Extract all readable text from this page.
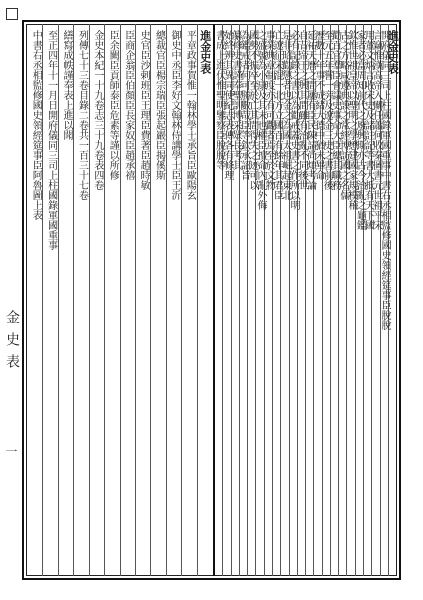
金史表
一
進金史表
開府儀同三司上柱國錄軍國重事中書右丞相監修國史領經筵事臣脫脫
言竊惟漢高帝入關任蕭何收秦圖書元世祖平宋
用董文炳言收宋史及諸註記等書大抵有天下國
家者必當周知前代之廢興斯亦古今治亂之龜鑑
欽惟世祖皇帝以聖明之學懋建國家規模稽
古之方略咸遵典謨之常經博訪國之名儒
勸百官羣臣會議史事命大臣總其職務
至元五年嘗一旁及遼金三史之書前後
歷數十年事不成緒大德中猶未畢命
延祐天曆之間屢有臣民陳請尚煩考論
自昔帝王之興其間雖有治亂不同後世
必有記錄之書以為勸戒蓋史書之作所以明
是非昭勸懲者也金之為國太祖崛起東北
亡遼征宋混一北方立國百有餘年其君臣
事業典章制度亦有可觀者焉至於文物
之盛號為小康及其末也權臣擅命內亂外侮
國勢不振卒至於亡其間得失之迹可以
為鑑戒者何可勝數哉臣等欽承詔旨
纂修史書謹奉聖訓博采眾長考其
始終辨其異同使紀志表傳各有條理
書成上進伏惟聖明鑒察臣脫脫等
進金史表
平章政事賀惟一翰林學士承旨臣歐陽玄
御史中丞臣李好文翰林侍講學士臣王沂
總裁官臣楊宗瑞臣張起巖臣揭傒斯
史官臣沙剌班臣王理臣費著臣趙時敏
臣商企翁臣伯顏臣長家奴臣趙承禧
臣余闕臣貢師泰臣危素等謹以所修
金史本紀一十九卷志三十九卷表四卷
列傳七十三卷目錄二卷共一百三十七卷
繕寫成帙謹奉表上進以聞
至正四年十一月日開府儀同三司上柱國錄軍國重事
中書右丞相監修國史領經筵事臣阿魯圖上表
